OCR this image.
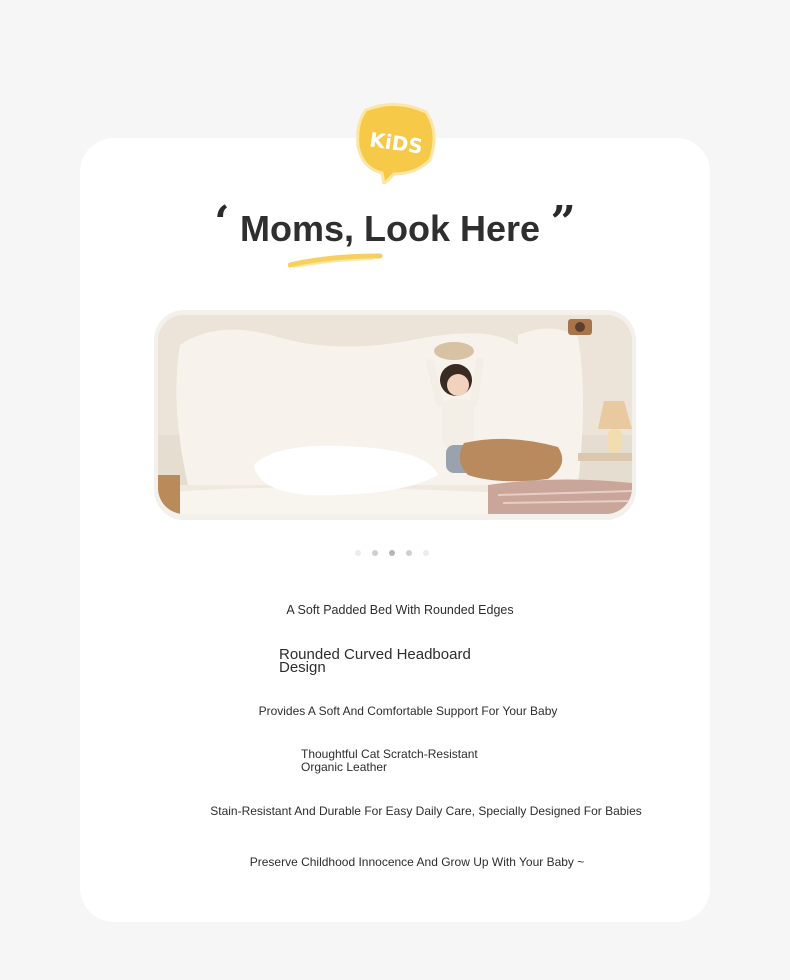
KiDS
‘ Moms, Look Here ”
A Soft Padded Bed With Rounded Edges
Rounded Curved Headboard Design
Provides A Soft And Comfortable Support For Your Baby
Thoughtful Cat Scratch-Resistant Organic Leather
Stain-Resistant And Durable For Easy Daily Care, Specially Designed For Babies
Preserve Childhood Innocence And Grow Up With Your Baby ~
